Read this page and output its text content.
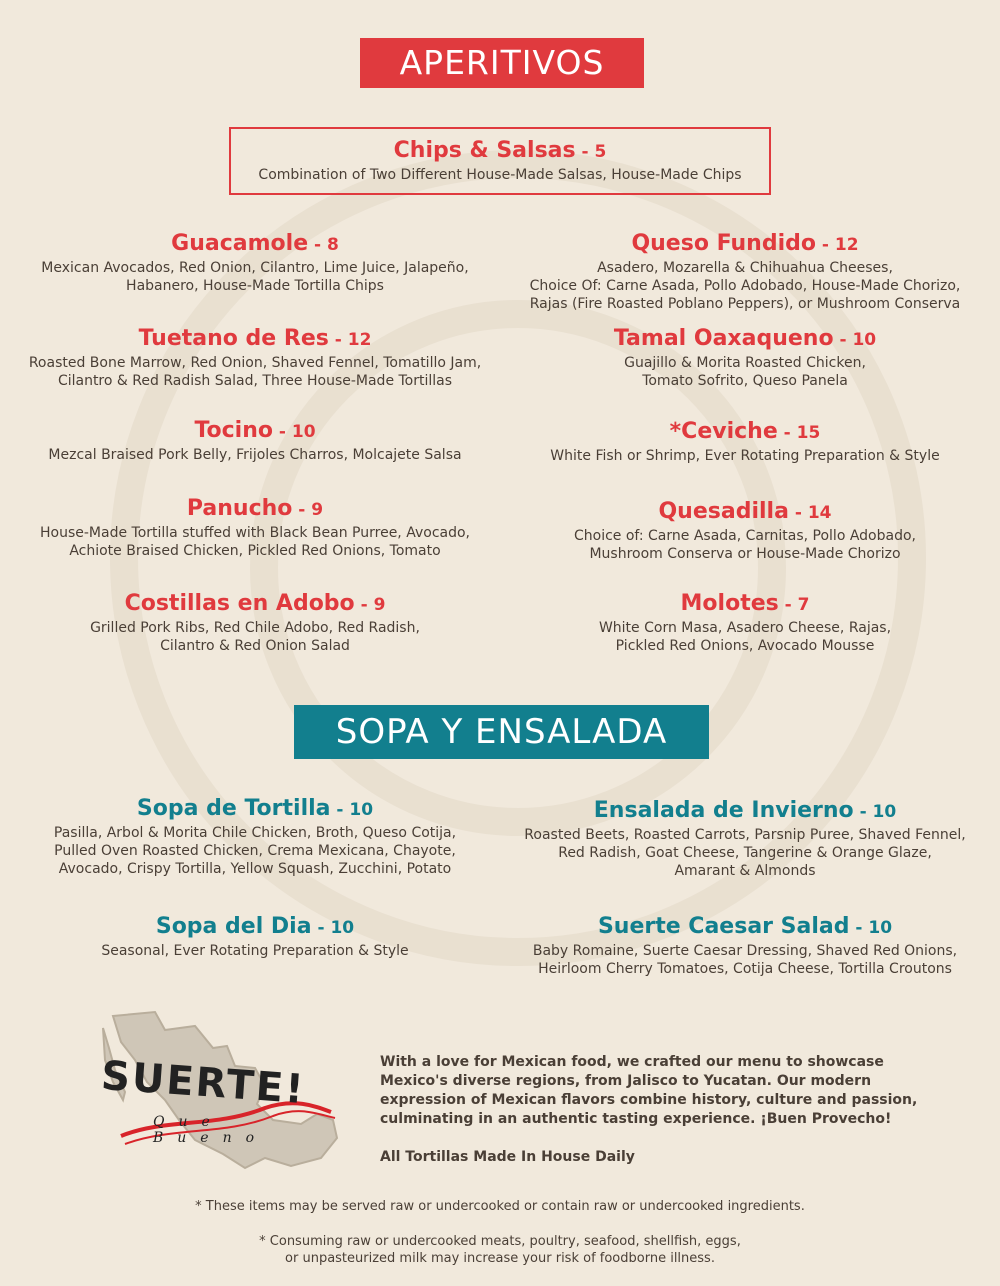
APERITIVOS
Chips & Salsas - 5
Combination of Two Different House-Made Salsas, House-Made Chips
Guacamole - 8
Mexican Avocados, Red Onion, Cilantro, Lime Juice, Jalapeño,
Habanero, House-Made Tortilla Chips
Tuetano de Res - 12
Roasted Bone Marrow, Red Onion, Shaved Fennel, Tomatillo Jam,
Cilantro & Red Radish Salad, Three House-Made Tortillas
Tocino - 10
Mezcal Braised Pork Belly, Frijoles Charros, Molcajete Salsa
Panucho - 9
House-Made Tortilla stuffed with Black Bean Purree, Avocado,
Achiote Braised Chicken, Pickled Red Onions, Tomato
Costillas en Adobo - 9
Grilled Pork Ribs, Red Chile Adobo, Red Radish,
Cilantro & Red Onion Salad
Queso Fundido - 12
Asadero, Mozarella & Chihuahua Cheeses,
Choice Of: Carne Asada, Pollo Adobado, House-Made Chorizo,
Rajas (Fire Roasted Poblano Peppers), or Mushroom Conserva
Tamal Oaxaqueno - 10
Guajillo & Morita Roasted Chicken,
Tomato Sofrito, Queso Panela
*Ceviche - 15
White Fish or Shrimp, Ever Rotating Preparation & Style
Quesadilla - 14
Choice of: Carne Asada, Carnitas, Pollo Adobado,
Mushroom Conserva or House-Made Chorizo
Molotes - 7
White Corn Masa, Asadero Cheese, Rajas,
Pickled Red Onions, Avocado Mousse
SOPA Y ENSALADA
Sopa de Tortilla - 10
Pasilla, Arbol & Morita Chile Chicken, Broth, Queso Cotija,
Pulled Oven Roasted Chicken, Crema Mexicana, Chayote,
Avocado, Crispy Tortilla, Yellow Squash, Zucchini, Potato
Sopa del Dia - 10
Seasonal, Ever Rotating Preparation & Style
Ensalada de Invierno - 10
Roasted Beets, Roasted Carrots, Parsnip Puree, Shaved Fennel,
Red Radish, Goat Cheese, Tangerine & Orange Glaze,
Amarant & Almonds
Suerte Caesar Salad - 10
Baby Romaine, Suerte Caesar Dressing, Shaved Red Onions,
Heirloom Cherry Tomatoes, Cotija Cheese, Tortilla Croutons
SUERTE!
Que Bueno
With a love for Mexican food, we crafted our menu to showcase Mexico's diverse regions, from Jalisco to Yucatan. Our modern expression of Mexican flavors combine history, culture and passion, culminating in an authentic tasting experience. ¡Buen Provecho!
All Tortillas Made In House Daily
* These items may be served raw or undercooked or contain raw or undercooked ingredients.
* Consuming raw or undercooked meats, poultry, seafood, shellfish, eggs,
or unpasteurized milk may increase your risk of foodborne illness.
